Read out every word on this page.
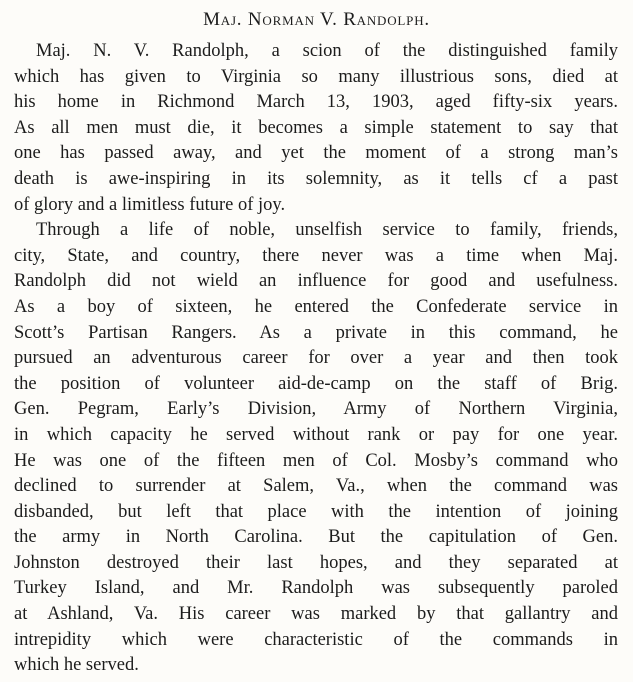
Maj. Norman V. Randolph.
Maj. N. V. Randolph, a scion of the distinguished family
which has given to Virginia so many illustrious sons, died at
his home in Richmond March 13, 1903, aged fifty-six years.
As all men must die, it becomes a simple statement to say that
one has passed away, and yet the moment of a strong man’s
death is awe-inspiring in its solemnity, as it tells cf a past
of glory and a limitless future of joy.
Through a life of noble, unselfish service to family, friends,
city, State, and country, there never was a time when Maj.
Randolph did not wield an influence for good and usefulness.
As a boy of sixteen, he entered the Confederate service in
Scott’s Partisan Rangers. As a private in this command, he
pursued an adventurous career for over a year and then took
the position of volunteer aid-de-camp on the staff of Brig.
Gen. Pegram, Early’s Division, Army of Northern Virginia,
in which capacity he served without rank or pay for one year.
He was one of the fifteen men of Col. Mosby’s command who
declined to surrender at Salem, Va., when the command was
disbanded, but left that place with the intention of joining
the army in North Carolina. But the capitulation of Gen.
Johnston destroyed their last hopes, and they separated at
Turkey Island, and Mr. Randolph was subsequently paroled
at Ashland, Va. His career was marked by that gallantry and
intrepidity which were characteristic of the commands in
which he served.
